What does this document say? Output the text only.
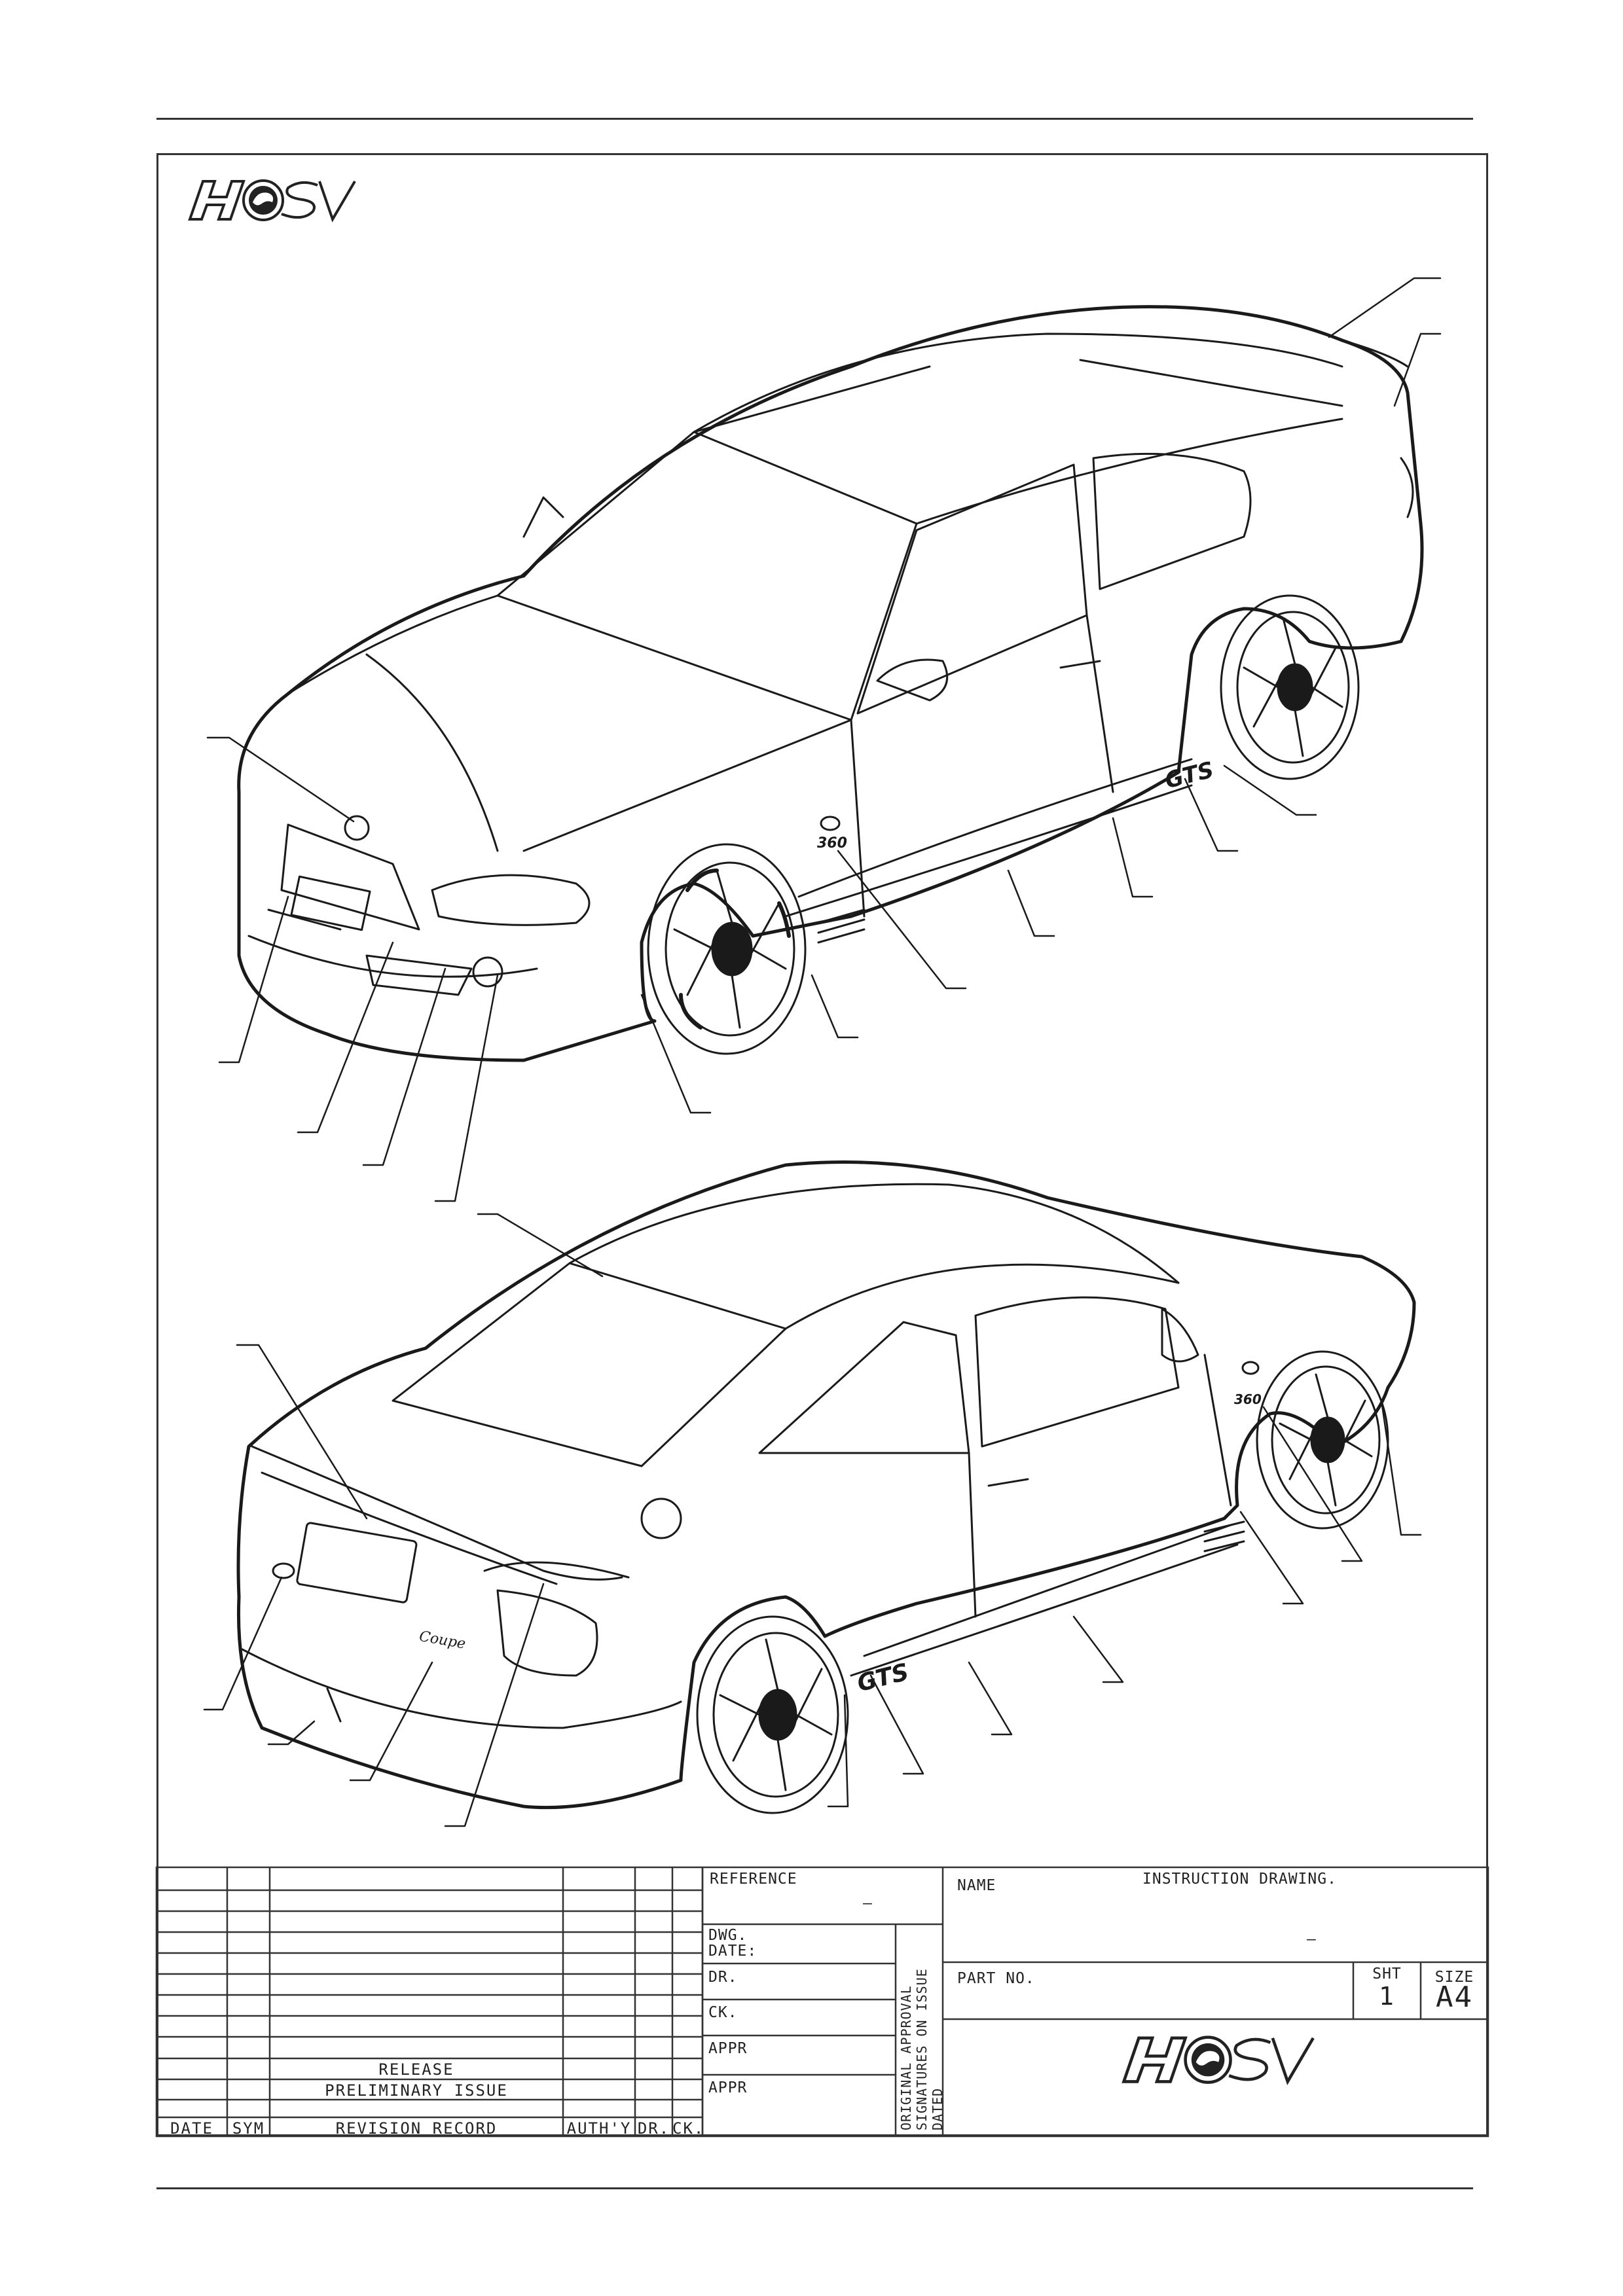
HSV
360
GTS
360
GTS
Coupe
RELEASE
PRELIMINARY ISSUE
DATE	SYM	REVISION RECORD	AUTH'Y DR. CK.
REFERENCE
–
DWG. DATE:
DR.
CK.
APPR
APPR	ORIGINAL APPROVAL SIGNATURES ON ISSUE DATED
NAME	INSTRUCTION DRAWING.
–
PART NO.	SHT
1
SIZE
A4
HSV
